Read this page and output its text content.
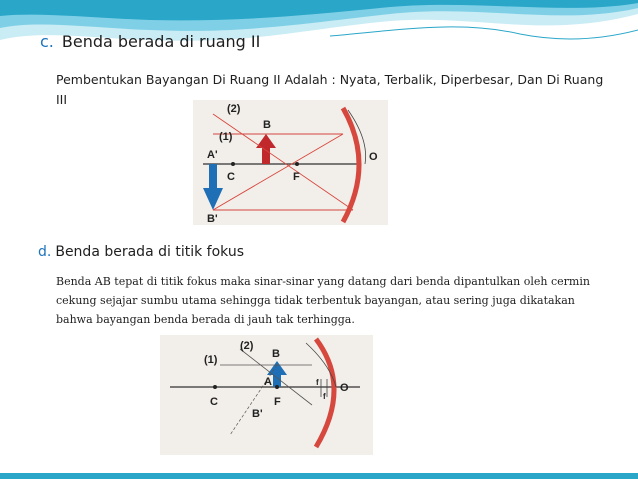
c. Benda berada di ruang II
Pembentukan Bayangan Di Ruang II Adalah : Nyata, Terbalik, Diperbesar, Dan Di Ruang III
(2)
(1)
B
A'
C	F
O
B'
d. Benda berada di titik fokus
Benda AB tepat di titik fokus maka sinar-sinar yang datang dari benda dipantulkan oleh cermin cekung sejajar sumbu utama sehingga tidak terbentuk bayangan, atau sering juga dikatakan bahwa bayangan benda berada di jauh tak terhingga.
(1)
(2)
B
A
C	F
O
B'
f
f
